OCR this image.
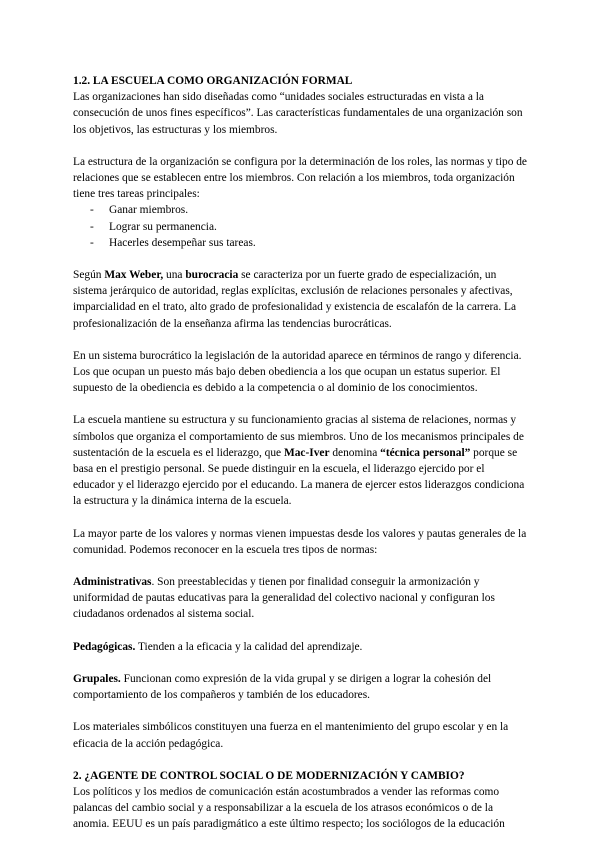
1.2. LA ESCUELA COMO ORGANIZACIÓN FORMAL

Las organizaciones han sido diseñadas como “unidades sociales estructuradas en vista a la consecución de unos fines específicos”. Las características fundamentales de una organización son los objetivos, las estructuras y los miembros.

La estructura de la organización se configura por la determinación de los roles, las normas y tipo de relaciones que se establecen entre los miembros. Con relación a los miembros, toda organización tiene tres tareas principales:

- Ganar miembros.
- Lograr su permanencia.
- Hacerles desempeñar sus tareas.

Según Max Weber, una burocracia se caracteriza por un fuerte grado de especialización, un sistema jerárquico de autoridad, reglas explícitas, exclusión de relaciones personales y afectivas, imparcialidad en el trato, alto grado de profesionalidad y existencia de escalafón de la carrera. La profesionalización de la enseñanza afirma las tendencias burocráticas.

En un sistema burocrático la legislación de la autoridad aparece en términos de rango y diferencia. Los que ocupan un puesto más bajo deben obediencia a los que ocupan un estatus superior. El supuesto de la obediencia es debido a la competencia o al dominio de los conocimientos.

La escuela mantiene su estructura y su funcionamiento gracias al sistema de relaciones, normas y símbolos que organiza el comportamiento de sus miembros. Uno de los mecanismos principales de sustentación de la escuela es el liderazgo, que Mac-Iver denomina “técnica personal” porque se basa en el prestigio personal. Se puede distinguir en la escuela, el liderazgo ejercido por el educador y el liderazgo ejercido por el educando. La manera de ejercer estos liderazgos condiciona la estructura y la dinámica interna de la escuela.

La mayor parte de los valores y normas vienen impuestas desde los valores y pautas generales de la comunidad. Podemos reconocer en la escuela tres tipos de normas:

Administrativas. Son preestablecidas y tienen por finalidad conseguir la armonización y uniformidad de pautas educativas para la generalidad del colectivo nacional y configuran los ciudadanos ordenados al sistema social.

Pedagógicas. Tienden a la eficacia y la calidad del aprendizaje.

Grupales. Funcionan como expresión de la vida grupal y se dirigen a lograr la cohesión del comportamiento de los compañeros y también de los educadores.

Los materiales simbólicos constituyen una fuerza en el mantenimiento del grupo escolar y en la eficacia de la acción pedagógica.

2. ¿AGENTE DE CONTROL SOCIAL O DE MODERNIZACIÓN Y CAMBIO?

Los políticos y los medios de comunicación están acostumbrados a vender las reformas como palancas del cambio social y a responsabilizar a la escuela de los atrasos económicos o de la anomia. EEUU es un país paradigmático a este último respecto; los sociólogos de la educación
